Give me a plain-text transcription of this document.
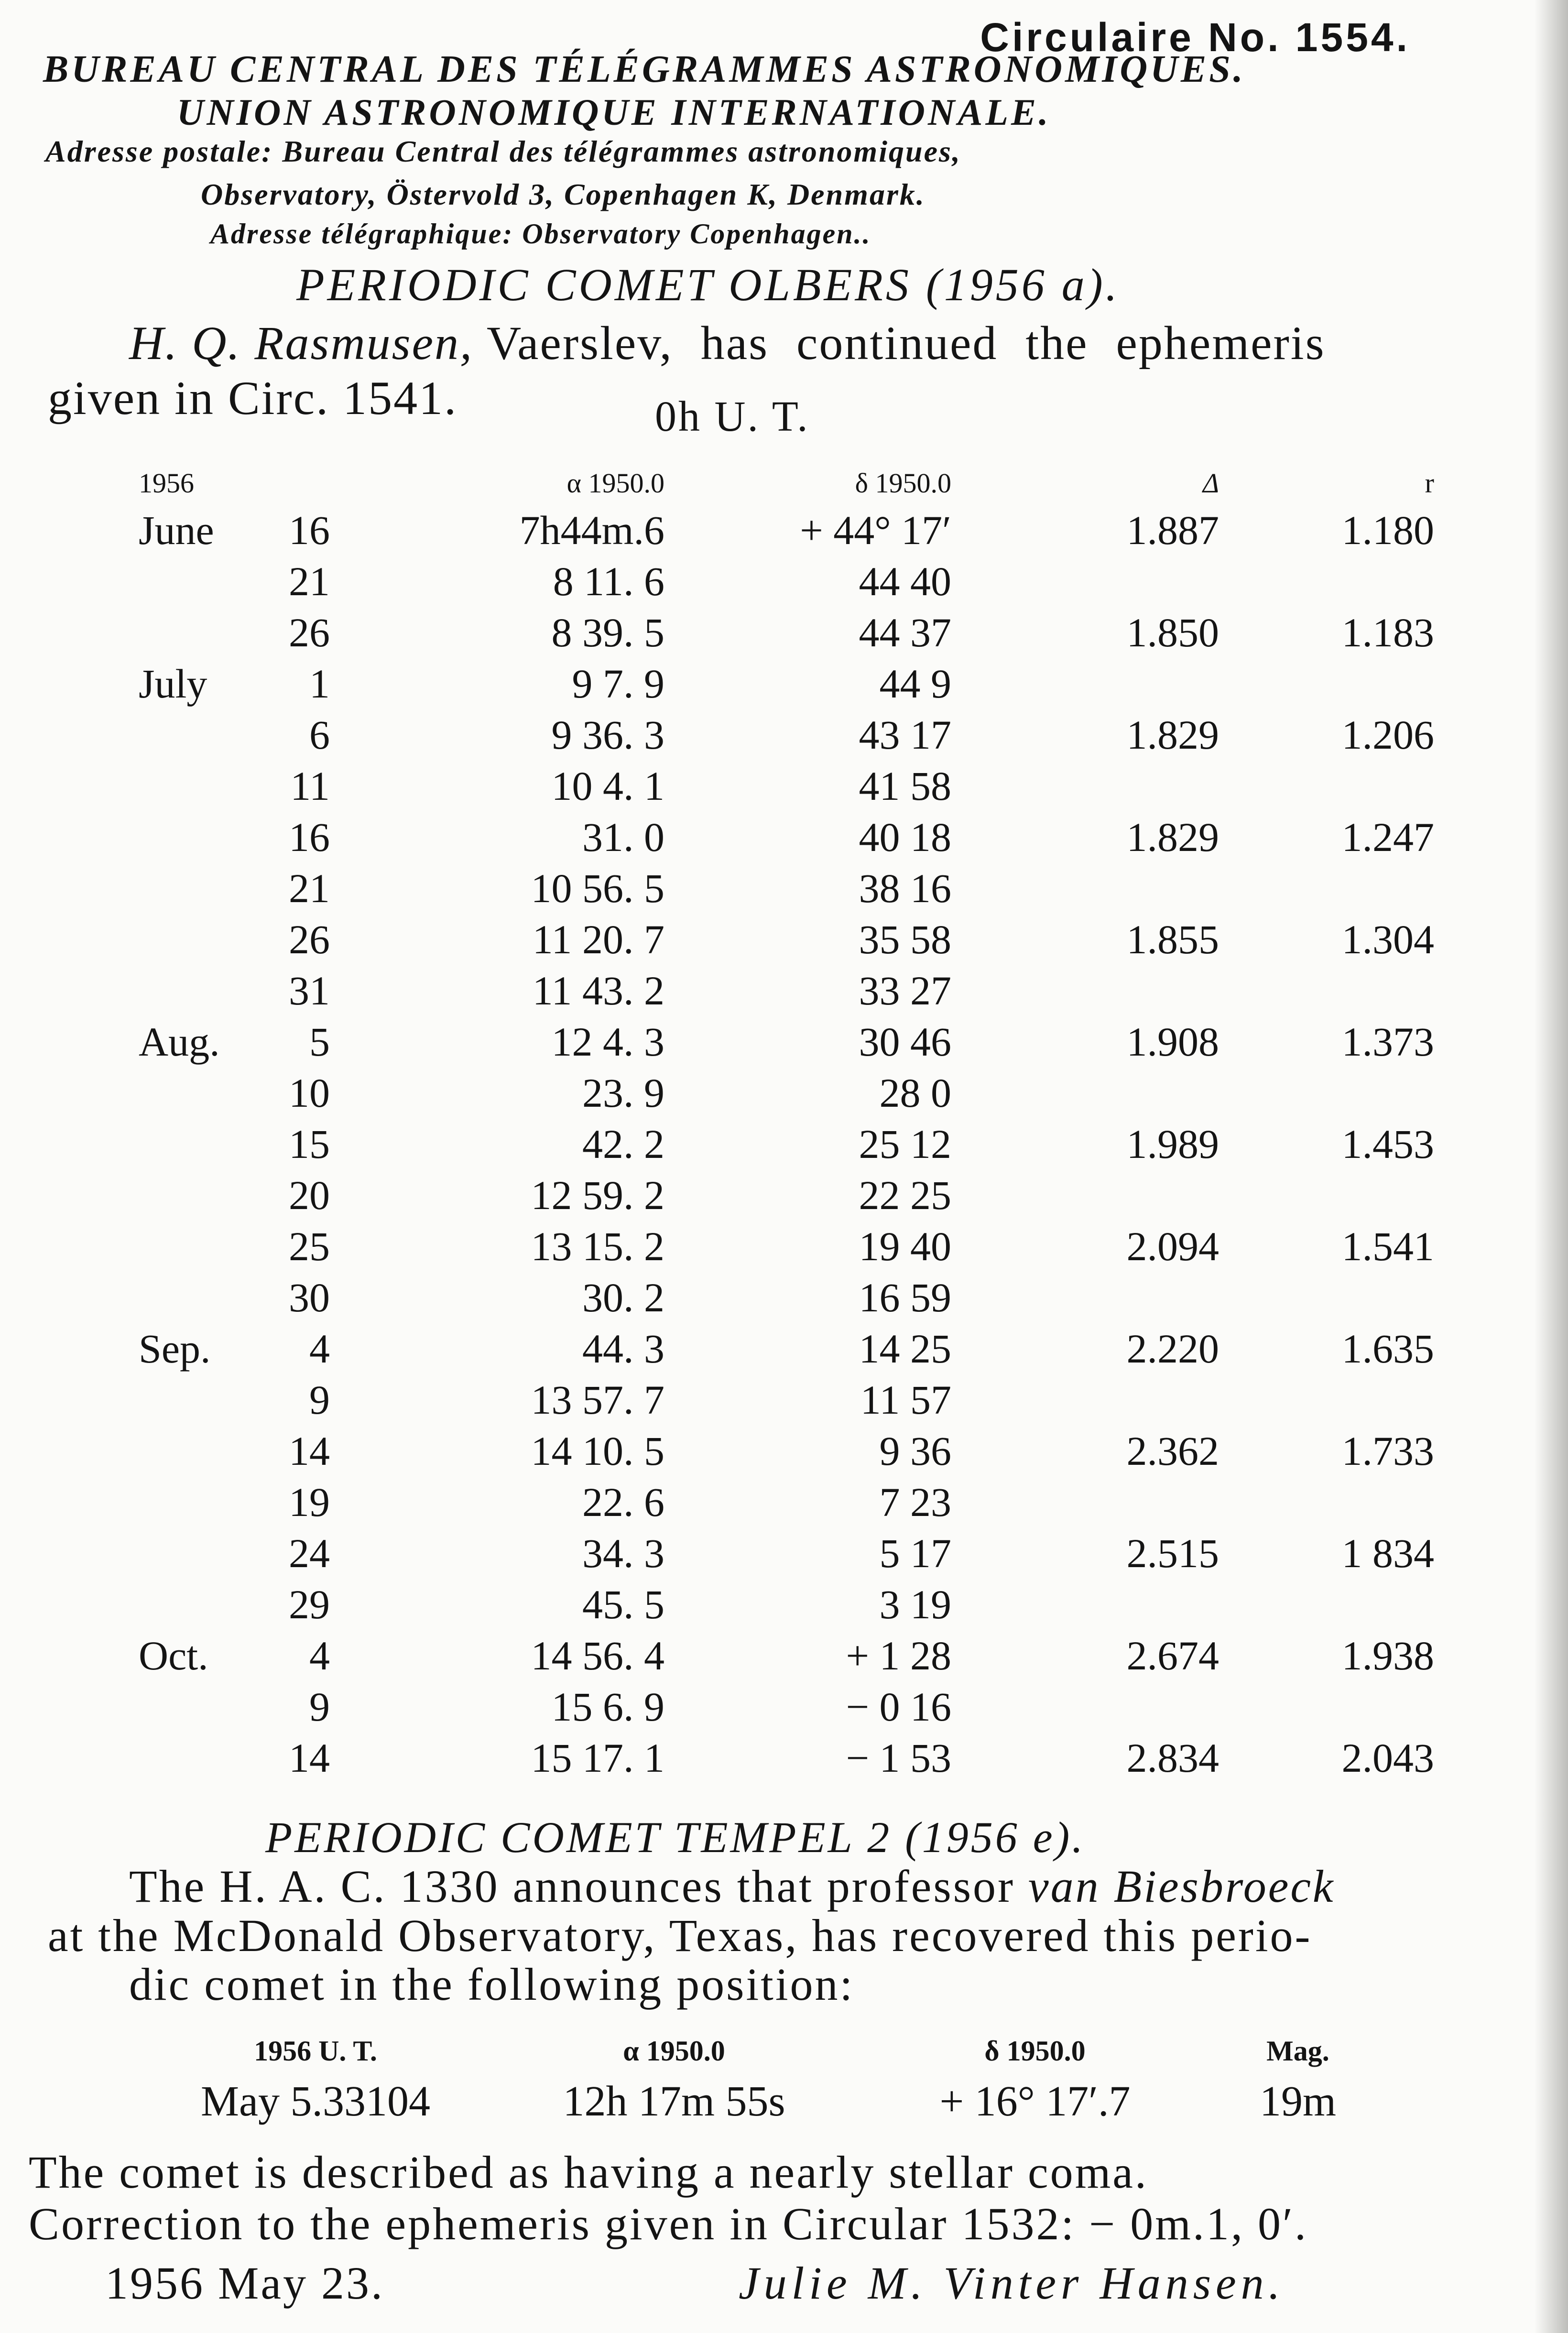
Circulaire No. 1554.
BUREAU CENTRAL DES TÉLÉGRAMMES ASTRONOMIQUES.
UNION ASTRONOMIQUE INTERNATIONALE.
Adresse postale: Bureau Central des télégrammes astronomiques,
Observatory, Östervold 3, Copenhagen K, Denmark.
Adresse télégraphique: Observatory Copenhagen..
PERIODIC COMET OLBERS (1956 a).

H. Q. Rasmusen, Vaerslev, has continued the ephemeris

given in Circ. 1541.	0h U. T.
1956		α 1950.0	δ 1950.0	Δ	r
June	16	7h44m.6	+ 44° 17′	1.887	1.180
	21	8 11. 6	44 40		
	26	8 39. 5	44 37	1.850	1.183
July	1	9 7. 9	44 9		
	6	9 36. 3	43 17	1.829	1.206
	11	10 4. 1	41 58		
	16	31. 0	40 18	1.829	1.247
	21	10 56. 5	38 16		
	26	11 20. 7	35 58	1.855	1.304
	31	11 43. 2	33 27		
Aug.	5	12 4. 3	30 46	1.908	1.373
	10	23. 9	28 0		
	15	42. 2	25 12	1.989	1.453
	20	12 59. 2	22 25		
	25	13 15. 2	19 40	2.094	1.541
	30	30. 2	16 59		
Sep.	4	44. 3	14 25	2.220	1.635
	9	13 57. 7	11 57		
	14	14 10. 5	9 36	2.362	1.733
	19	22. 6	7 23		
	24	34. 3	5 17	2.515	1 834
	29	45. 5	3 19		
Oct.	4	14 56. 4	+ 1 28	2.674	1.938
	9	15 6. 9	− 0 16		
	14	15 17. 1	− 1 53	2.834	2.043
PERIODIC COMET TEMPEL 2 (1956 e).

The H. A. C. 1330 announces that professor van Biesbroeck

at the McDonald Observatory, Texas, has recovered this perio-

dic comet in the following position:

1956 U. T.	α 1950.0	δ 1950.0	Mag.
May 5.33104	12h 17m 55s	+ 16° 17′.7	19m

The comet is described as having a nearly stellar coma.

Correction to the ephemeris given in Circular 1532: − 0m.1, 0′.

1956 May 23.	Julie M. Vinter Hansen.
